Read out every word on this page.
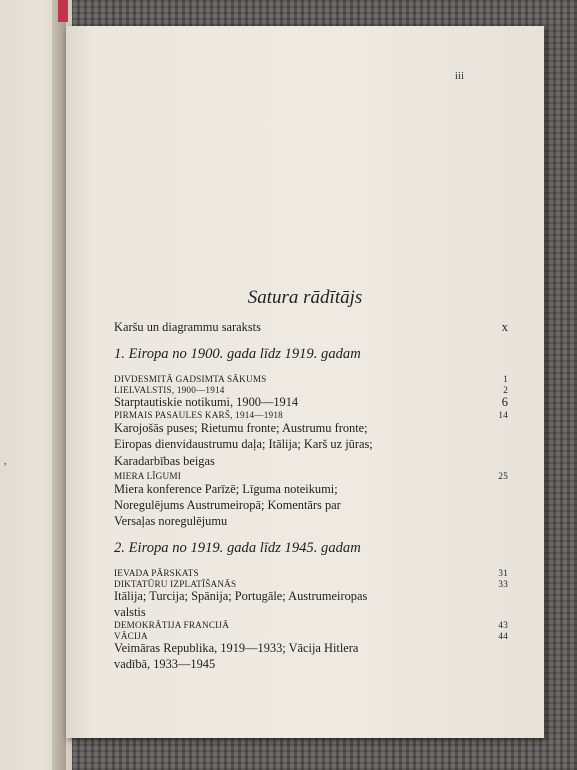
,
iii
Satura rādītājs
Karšu un diagrammu saraksts	x
1. Eiropa no 1900. gada līdz 1919. gadam
DIVDESMITĀ GADSIMTA SĀKUMS	1
LIELVALSTIS, 1900—1914	2
Starptautiskie notikumi, 1900—1914	6
PIRMAIS PASAULES KARŠ, 1914—1918	14
Karojošās puses; Rietumu fronte; Austrumu fronte;
Eiropas dienvidaustrumu daļa; Itālija; Karš uz jūras;
Karadarbības beigas
MIERA LĪGUMI	25
Miera konference Parīzē; Līguma noteikumi;
Noregulējums Austrumeiropā; Komentārs par
Versaļas noregulējumu
2. Eiropa no 1919. gada līdz 1945. gadam
IEVADA PĀRSKATS	31
DIKTATŪRU IZPLATĪŠANĀS	33
Itālija; Turcija; Spānija; Portugāle; Austrumeiropas
valstis
DEMOKRĀTIJA FRANCIJĀ	43
VĀCIJA	44
Veimāras Republika, 1919—1933; Vācija Hitlera
vadībā, 1933—1945
